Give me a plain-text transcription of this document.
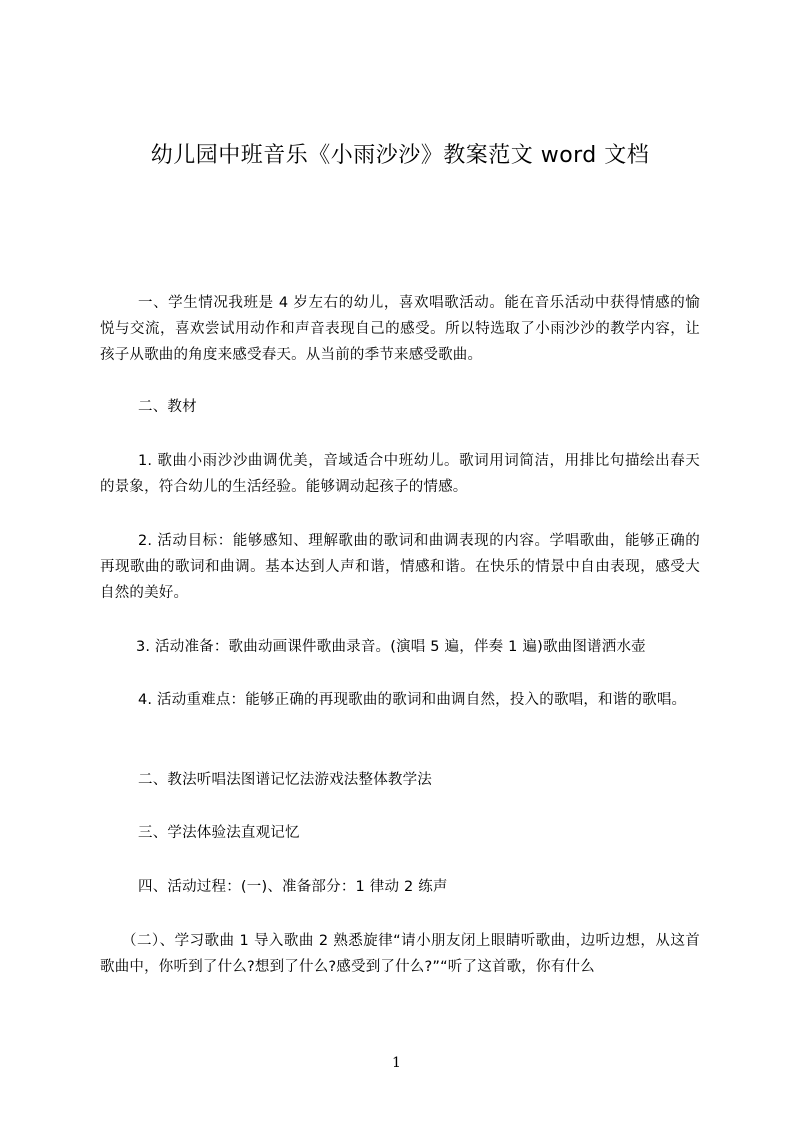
幼儿园中班音乐《小雨沙沙》教案范文 word 文档
一、学生情况我班是 4 岁左右的幼儿，喜欢唱歌活动。能在音乐活动中获得情感的愉悦与交流，喜欢尝试用动作和声音表现自己的感受。所以特选取了小雨沙沙的教学内容，让孩子从歌曲的角度来感受春天。从当前的季节来感受歌曲。
二、教材
1. 歌曲小雨沙沙曲调优美，音域适合中班幼儿。歌词用词简洁，用排比句描绘出春天的景象，符合幼儿的生活经验。能够调动起孩子的情感。
2. 活动目标：能够感知、理解歌曲的歌词和曲调表现的内容。学唱歌曲，能够正确的再现歌曲的歌词和曲调。基本达到人声和谐，情感和谐。在快乐的情景中自由表现，感受大自然的美好。
3. 活动准备：歌曲动画课件歌曲录音。(演唱 5 遍，伴奏 1 遍)歌曲图谱洒水壶
4. 活动重难点：能够正确的再现歌曲的歌词和曲调自然，投入的歌唱，和谐的歌唱。
二、教法听唱法图谱记忆法游戏法整体教学法
三、学法体验法直观记忆
四、活动过程：(一)、准备部分：1 律动 2 练声
（二）、学习歌曲 1 导入歌曲 2 熟悉旋律“请小朋友闭上眼睛听歌曲，边听边想，从这首歌曲中，你听到了什么?想到了什么?感受到了什么?”“听了这首歌，你有什么
1
